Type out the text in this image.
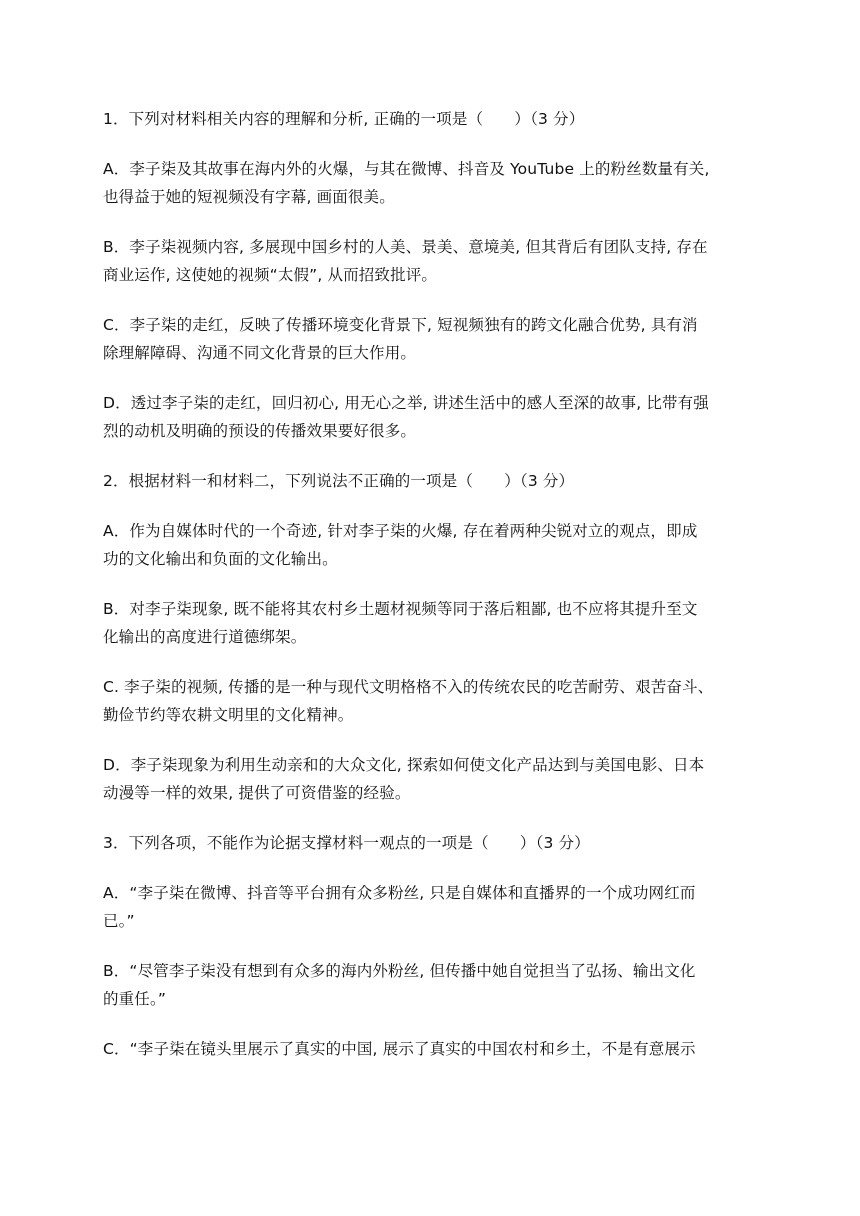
1．下列对材料相关内容的理解和分析, 正确的一项是（　　）（3 分）

A．李子柒及其故事在海内外的火爆，与其在微博、抖音及 YouTube 上的粉丝数量有关,
也得益于她的短视频没有字幕, 画面很美。

B．李子柒视频内容, 多展现中国乡村的人美、景美、意境美, 但其背后有团队支持, 存在
商业运作, 这使她的视频“太假”, 从而招致批评。

C．李子柒的走红，反映了传播环境变化背景下, 短视频独有的跨文化融合优势, 具有消
除理解障碍、沟通不同文化背景的巨大作用。

D．透过李子柒的走红，回归初心, 用无心之举, 讲述生活中的感人至深的故事, 比带有强
烈的动机及明确的预设的传播效果要好很多。

2．根据材料一和材料二，下列说法不正确的一项是（　　）（3 分）

A．作为自媒体时代的一个奇迹, 针对李子柒的火爆, 存在着两种尖锐对立的观点，即成
功的文化输出和负面的文化输出。

B．对李子柒现象, 既不能将其农村乡土题材视频等同于落后粗鄙, 也不应将其提升至文
化输出的高度进行道德绑架。

C. 李子柒的视频, 传播的是一种与现代文明格格不入的传统农民的吃苦耐劳、艰苦奋斗、
勤俭节约等农耕文明里的文化精神。

D．李子柒现象为利用生动亲和的大众文化, 探索如何使文化产品达到与美国电影、日本
动漫等一样的效果, 提供了可资借鉴的经验。

3．下列各项，不能作为论据支撑材料一观点的一项是（　　）（3 分）

A．“李子柒在微博、抖音等平台拥有众多粉丝, 只是自媒体和直播界的一个成功网红而
已。”

B．“尽管李子柒没有想到有众多的海内外粉丝, 但传播中她自觉担当了弘扬、输出文化
的重任。”

C．“李子柒在镜头里展示了真实的中国, 展示了真实的中国农村和乡土，不是有意展示
